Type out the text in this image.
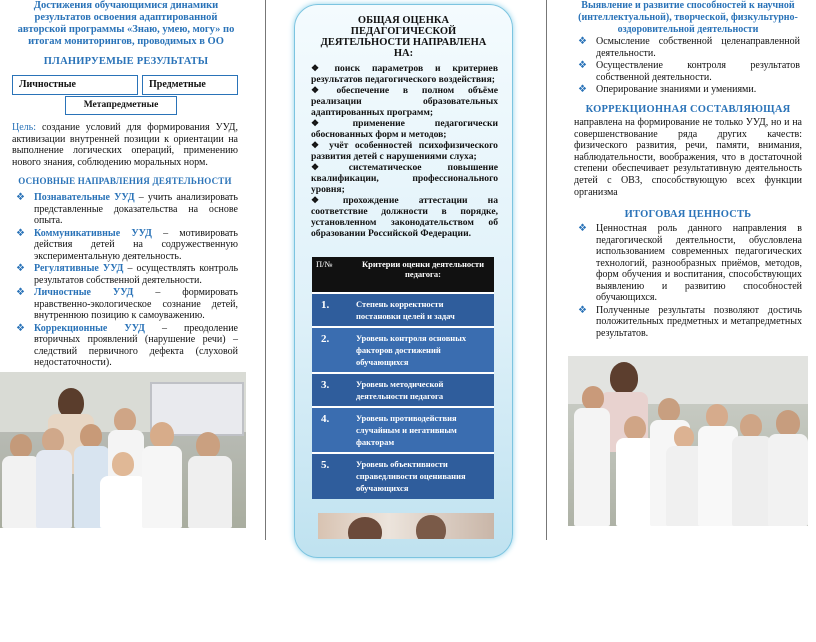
Достижения обучающимися динамики результатов освоения адаптированной авторской программы «Знаю, умею, могу» по итогам мониторингов, проводимых в ОО
ПЛАНИРУЕМЫЕ РЕЗУЛЬТАТЫ
Личностные	Предметные
Метапредметные
Цель: создание условий для формирования УУД, активизации внутренней позиции к ориентации на выполнение логических операций, применению нового знания, соблюдению моральных норм.
ОСНОВНЫЕ НАПРАВЛЕНИЯ ДЕЯТЕЛЬНОСТИ
❖ Познавательные УУД – учить анализировать представленные доказательства на основе опыта.
❖ Коммуникативные УУД – мотивировать действия детей на содружественную экспериментальную деятельность.
❖ Регулятивные УУД – осуществлять контроль результатов собственной деятельности.
❖ Личностные УУД – формировать нравственно-экологическое сознание детей, внутреннюю позицию к самоуважению.
❖ Коррекционные УУД – преодоление вторичных проявлений (нарушение речи) – следствий первичного дефекта (слуховой недостаточности).
ОБЩАЯ ОЦЕНКА ПЕДАГОГИЧЕСКОЙ ДЕЯТЕЛЬНОСТИ НАПРАВЛЕНА НА:
❖ поиск параметров и критериев результатов педагогического воздействия;
❖ обеспечение в полном объёме реализации образовательных адаптированных программ;
❖ применение педагогически обоснованных форм и методов;
❖ учёт особенностей психофизического развития детей с нарушениями слуха;
❖ систематическое повышение квалификации, профессионального уровня;
❖ прохождение аттестации на соответствие должности в порядке, установленном законодательством об образовании Российской Федерации.
П/№	Критерии оценки деятельности педагога:
1.	Степень корректности постановки целей и задач
2.	Уровень контроля основных факторов достижений обучающихся
3.	Уровень методической деятельности педагога
4.	Уровень противодействия случайным и негативным факторам
5.	Уровень объективности справедливости оценивания обучающихся
Выявление и развитие способностей к научной (интеллектуальной), творческой, физкультурно-оздоровительной деятельности
❖ Осмысление собственной целенаправленной деятельности.
❖ Осуществление контроля результатов собственной деятельности.
❖ Оперирование знаниями и умениями.
КОРРЕКЦИОННАЯ СОСТАВЛЯЮЩАЯ
направлена на формирование не только УУД, но и на совершенствование ряда других качеств: физического развития, речи, памяти, внимания, наблюдательности, воображения, что в достаточной степени обеспечивает результативную деятельность детей с ОВЗ, способствующую всех функции организма
ИТОГОВАЯ ЦЕННОСТЬ
❖ Ценностная роль данного направления в педагогической деятельности, обусловлена использованием современных педагогических технологий, разнообразных приёмов, методов, форм обучения и воспитания, способствующих выявлению и развитию способностей обучающихся.
❖ Полученные результаты позволяют достичь положительных предметных и метапредметных результатов.
